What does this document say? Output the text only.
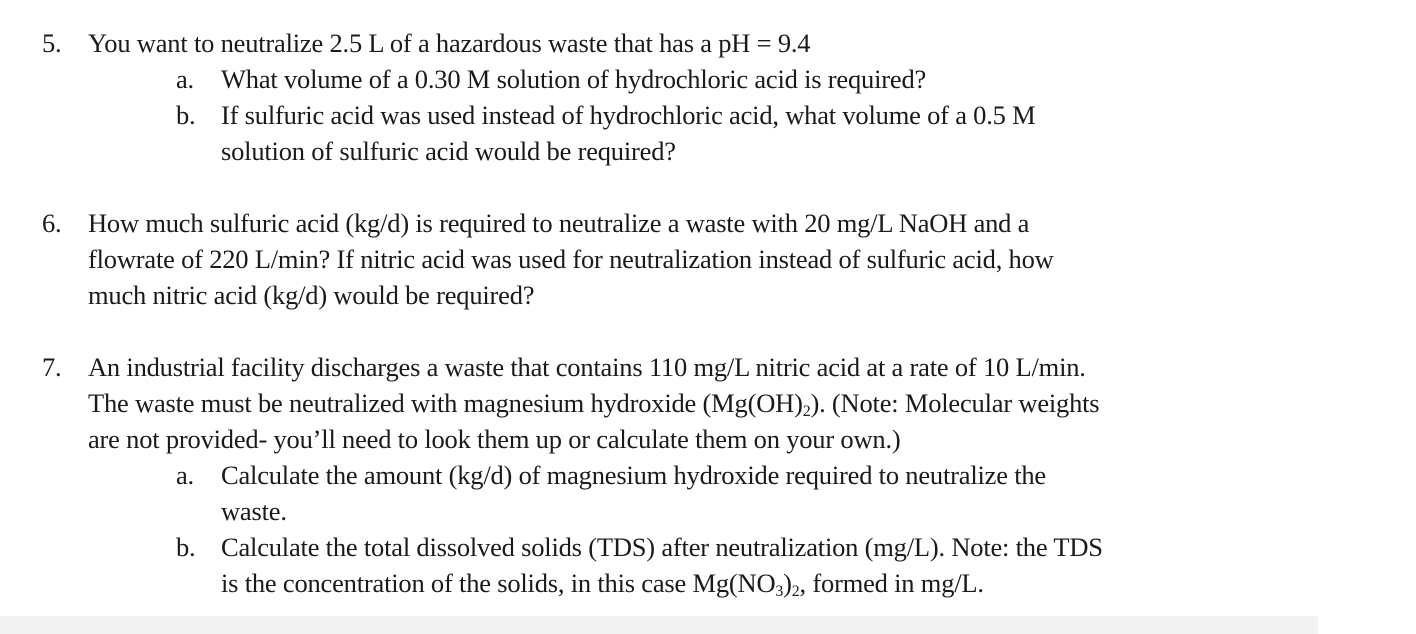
5. You want to neutralize 2.5 L of a hazardous waste that has a pH = 9.4
a. What volume of a 0.30 M solution of hydrochloric acid is required?
b. If sulfuric acid was used instead of hydrochloric acid, what volume of a 0.5 M
solution of sulfuric acid would be required?
6. How much sulfuric acid (kg/d) is required to neutralize a waste with 20 mg/L NaOH and a
flowrate of 220 L/min? If nitric acid was used for neutralization instead of sulfuric acid, how
much nitric acid (kg/d) would be required?
7. An industrial facility discharges a waste that contains 110 mg/L nitric acid at a rate of 10 L/min.
The waste must be neutralized with magnesium hydroxide $(Mg(OH)_2)$. (Note: Molecular weights
are not provided- you’ll need to look them up or calculate them on your own.)
a. Calculate the amount (kg/d) of magnesium hydroxide required to neutralize the
waste.
b. Calculate the total dissolved solids (TDS) after neutralization (mg/L). Note: the TDS
is the concentration of the solids, in this case $Mg(NO_3)_2$, formed in mg/L.
